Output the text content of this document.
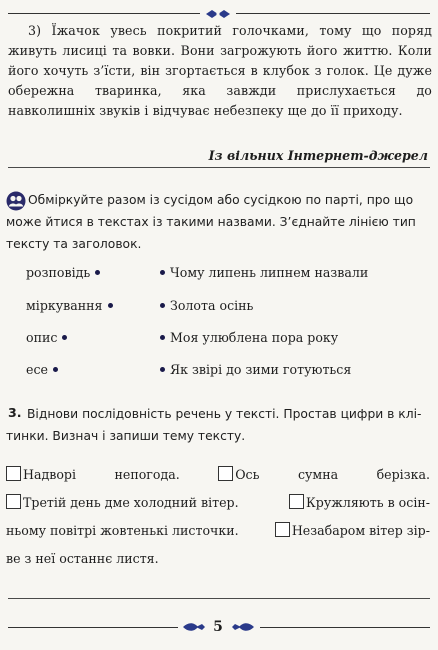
3) Їжачок увесь покритий голочками, тому що поряд живуть лисиці та вовки. Вони загрожують його життю. Коли його хочуть з’їсти, він згортається в клубок з голок. Це дуже обережна тваринка, яка завжди прислухається до навколишніх звуків і відчуває небезпеку ще до її приходу.

Із вільних Інтернет-джерел
Обміркуйте разом із сусідом або сусідкою по парті, про що
може йтися в текстах із такими назвами. З’єднайте лінією тип
тексту та заголовок.
розповідь
міркування
опис
есе
Чому липень липнем назвали
Золота осінь
Моя улюблена пора року
Як звірі до зими готуються
3. Віднови послідовність речень у тексті. Простав цифри в клі-
тинки. Визнач і запиши тему тексту.
Надворі	непогода.	Ось	сумна	берізка.
Третій день дме холодний вітер.	Кружляють в осін-
ньому повітрі жовтенькі листочки.	Незабаром вітер зір-
ве з неї останнє листя.
5
